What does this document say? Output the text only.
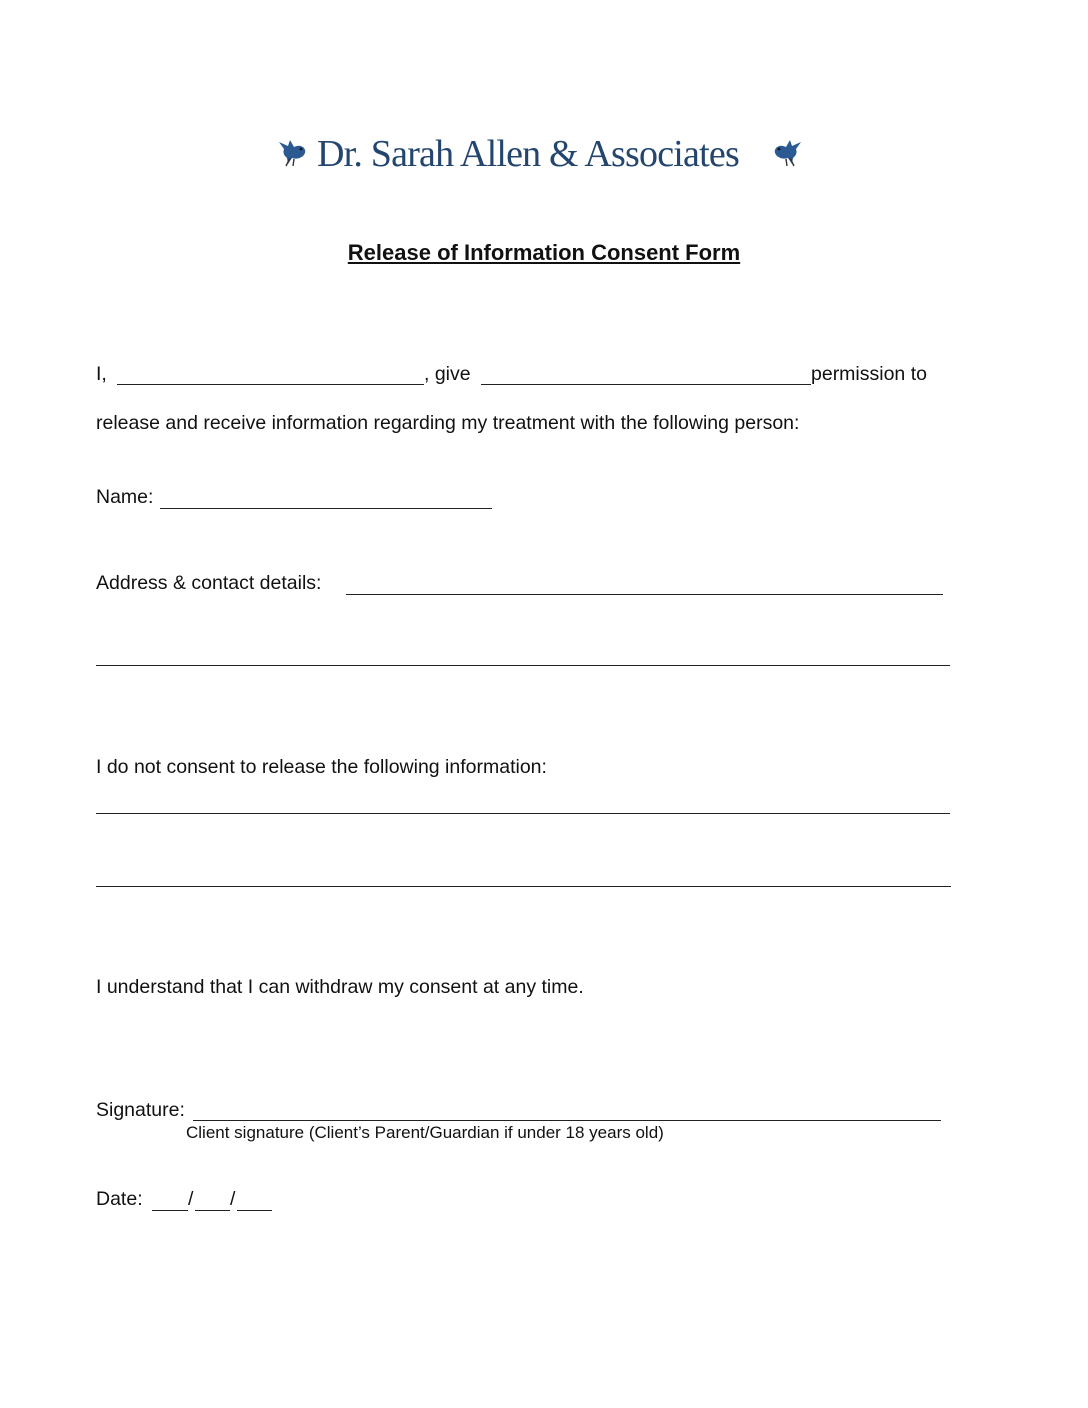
Dr. Sarah Allen & Associates
Release of Information Consent Form
I,	, give	permission to
release and receive information regarding my treatment with the following person:
Name:
Address & contact details:
I do not consent to release the following information:
I understand that I can withdraw my consent at any time.
Signature:
Client signature (Client’s Parent/Guardian if under 18 years old)
Date: / /
